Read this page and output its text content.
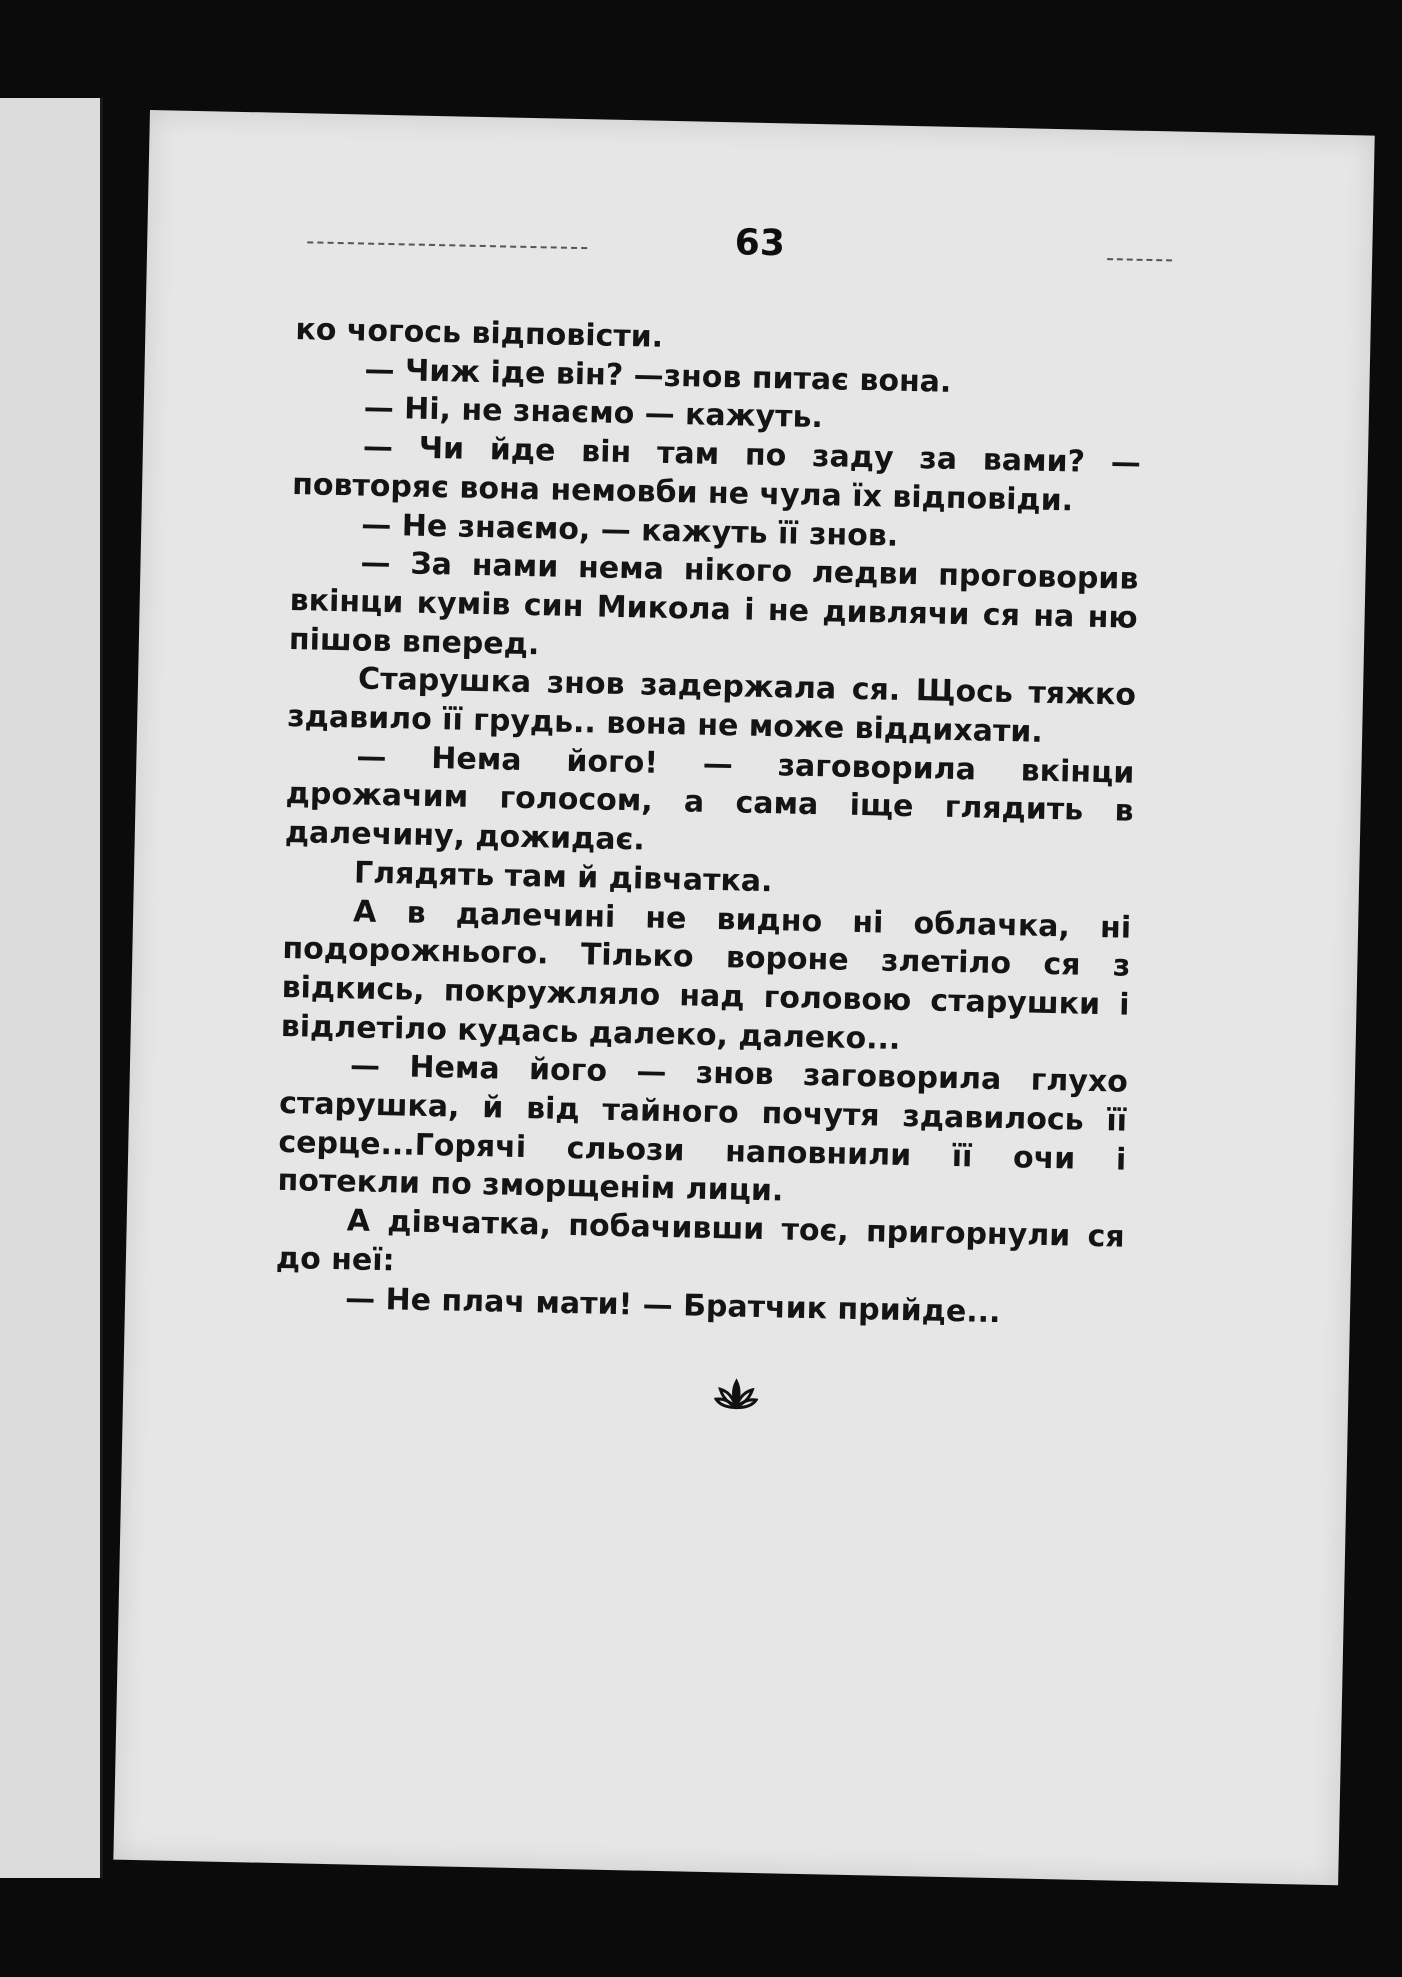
63

ко чогось відповісти.

— Чиж іде він? —знов питає вона.

— Ні, не знаємо — кажуть.

— Чи йде він там по заду за вами? — повторяє вона немовби не чула їх відповіди.

— Не знаємо, — кажуть її знов.

— За нами нема нікого ледви проговорив вкінци кумів син Микола і не дивлячи ся на ню пішов вперед.

Старушка знов задержала ся. Щось тяжко здавило її грудь.. вона не може віддихати.

— Нема його! — заговорила вкінци дрожачим голосом, а сама іще глядить в далечину, дожидає.

Глядять там й дівчатка.

А в далечині не видно ні облачка, ні подорожнього. Тілько вороне злетіло ся з відкись, покружляло над головою старушки і відлетіло кудась далеко, далеко...

— Нема його — знов заговорила глухо старушка, й від тайного почутя здавилось її серце...Горячі сльози наповнили її очи і потекли по зморщенім лици.

А дівчатка, побачивши тоє, пригорнули ся до неї:

— Не плач мати! — Братчик прийде...
